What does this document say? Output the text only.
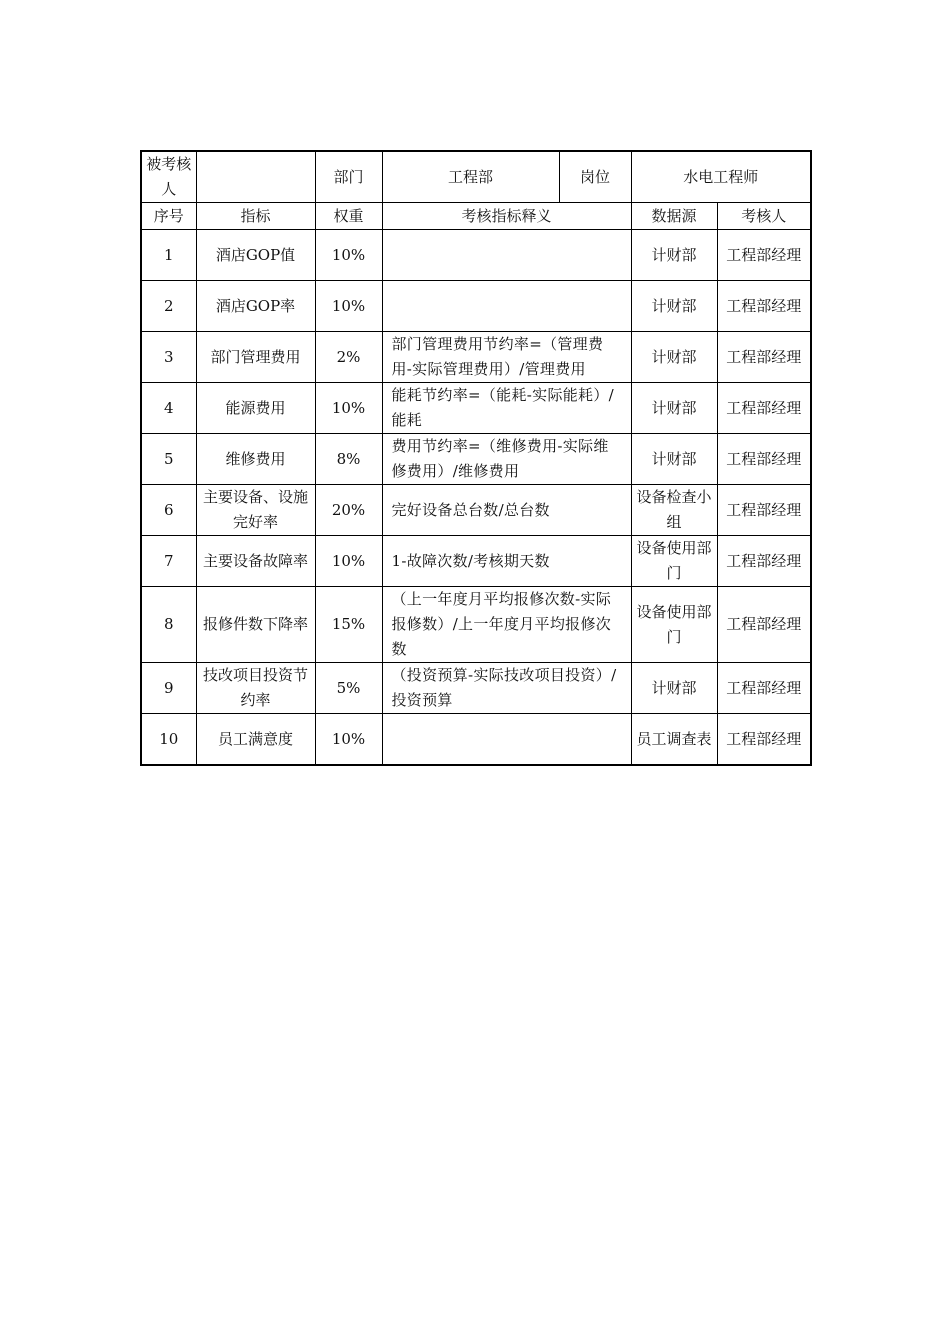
被考核人		部门	工程部	岗位	水电工程师	
序号	指标	权重	考核指标释义		数据源	考核人
1	酒店GOP值	10%			计财部	工程部经理
2	酒店GOP率	10%			计财部	工程部经理
3	部门管理费用	2%	部门管理费用节约率=（管理费用-实际管理费用）/管理费用		计财部	工程部经理
4	能源费用	10%	能耗节约率=（能耗-实际能耗）/能耗		计财部	工程部经理
5	维修费用	8%	费用节约率=（维修费用-实际维修费用）/维修费用		计财部	工程部经理
6	主要设备、设施完好率	20%	完好设备总台数/总台数		设备检查小组	工程部经理
7	主要设备故障率	10%	1-故障次数/考核期天数		设备使用部门	工程部经理
8	报修件数下降率	15%	（上一年度月平均报修次数-实际报修数）/上一年度月平均报修次数		设备使用部门	工程部经理
9	技改项目投资节约率	5%	（投资预算-实际技改项目投资）/投资预算		计财部	工程部经理
10	员工满意度	10%			员工调查表	工程部经理
